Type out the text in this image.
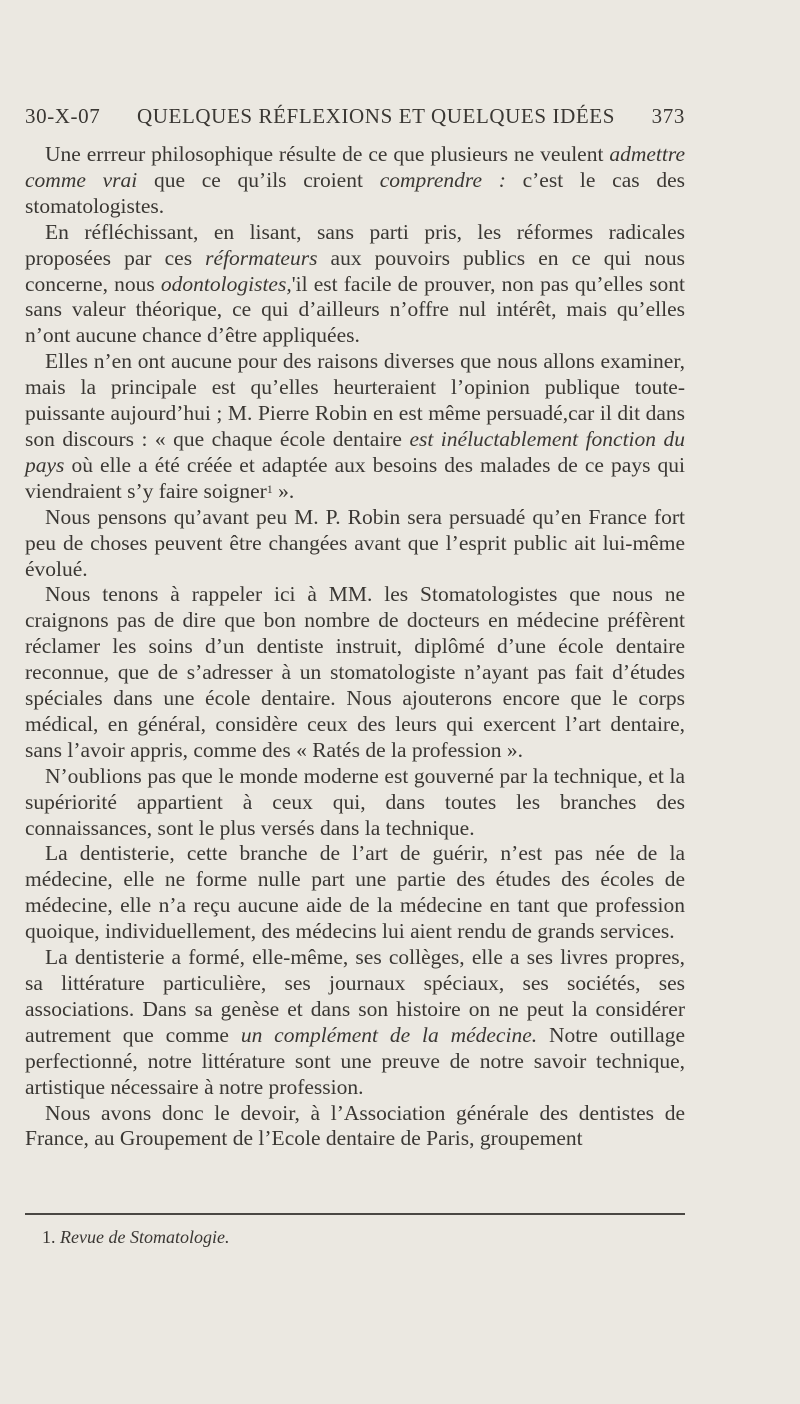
30-X-07 QUELQUES RÉFLEXIONS ET QUELQUES IDÉES 373

Une errreur philosophique résulte de ce que plusieurs ne veulent admettre comme vrai que ce qu’ils croient comprendre : c’est le cas des stomatologistes.

En réfléchissant, en lisant, sans parti pris, les réformes radicales proposées par ces réformateurs aux pouvoirs publics en ce qui nous concerne, nous odontologistes,'il est facile de prouver, non pas qu’elles sont sans valeur théorique, ce qui d’ailleurs n’offre nul intérêt, mais qu’elles n’ont aucune chance d’être appliquées.

Elles n’en ont aucune pour des raisons diverses que nous allons examiner, mais la principale est qu’elles heurteraient l’opinion publique toute-puissante aujourd’hui ; M. Pierre Robin en est même persuadé,car il dit dans son discours : « que chaque école dentaire est inéluctablement fonction du pays où elle a été créée et adaptée aux besoins des malades de ce pays qui viendraient s’y faire soigner$^1$ ».

Nous pensons qu’avant peu M. P. Robin sera persuadé qu’en France fort peu de choses peuvent être changées avant que l’esprit public ait lui-même évolué.

Nous tenons à rappeler ici à MM. les Stomatologistes que nous ne craignons pas de dire que bon nombre de docteurs en médecine préfèrent réclamer les soins d’un dentiste instruit, diplômé d’une école dentaire reconnue, que de s’adresser à un stomatologiste n’ayant pas fait d’études spéciales dans une école dentaire. Nous ajouterons encore que le corps médical, en général, considère ceux des leurs qui exercent l’art dentaire, sans l’avoir appris, comme des « Ratés de la profession ».

N’oublions pas que le monde moderne est gouverné par la technique, et la supériorité appartient à ceux qui, dans toutes les branches des connaissances, sont le plus versés dans la technique.

La dentisterie, cette branche de l’art de guérir, n’est pas née de la médecine, elle ne forme nulle part une partie des études des écoles de médecine, elle n’a reçu aucune aide de la médecine en tant que profession quoique, individuellement, des médecins lui aient rendu de grands services.

La dentisterie a formé, elle-même, ses collèges, elle a ses livres propres, sa littérature particulière, ses journaux spéciaux, ses sociétés, ses associations. Dans sa genèse et dans son histoire on ne peut la considérer autrement que comme un complément de la médecine. Notre outillage perfectionné, notre littérature sont une preuve de notre savoir technique, artistique nécessaire à notre profession.

Nous avons donc le devoir, à l’Association générale des dentistes de France, au Groupement de l’Ecole dentaire de Paris, groupement

1. Revue de Stomatologie.
